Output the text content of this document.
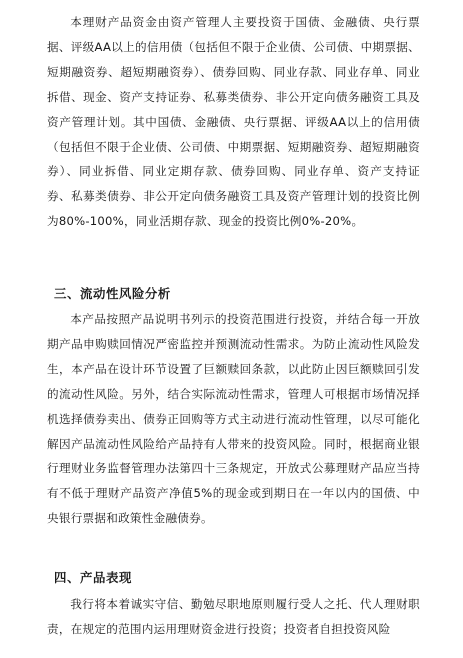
本理财产品资金由资产管理人主要投资于国债、金融债、央行票据、评级AA以上的信用债（包括但不限于企业债、公司债、中期票据、短期融资券、超短期融资券）、债券回购、同业存款、同业存单、同业拆借、现金、资产支持证券、私募类债券、非公开定向债务融资工具及资产管理计划。其中国债、金融债、央行票据、评级AA以上的信用债（包括但不限于企业债、公司债、中期票据、短期融资券、超短期融资券）、同业拆借、同业定期存款、债券回购、同业存单、资产支持证券、私募类债券、非公开定向债务融资工具及资产管理计划的投资比例为80%-100%，同业活期存款、现金的投资比例0%-20%。

三、流动性风险分析

本产品按照产品说明书列示的投资范围进行投资，并结合每一开放期产品申购赎回情况严密监控并预测流动性需求。为防止流动性风险发生，本产品在设计环节设置了巨额赎回条款，以此防止因巨额赎回引发的流动性风险。另外，结合实际流动性需求，管理人可根据市场情况择机选择债券卖出、债券正回购等方式主动进行流动性管理，以尽可能化解因产品流动性风险给产品持有人带来的投资风险。同时，根据商业银行理财业务监督管理办法第四十三条规定，开放式公募理财产品应当持有不低于理财产品资产净值5%的现金或到期日在一年以内的国债、中央银行票据和政策性金融债券。

四、产品表现

我行将本着诚实守信、勤勉尽职地原则履行受人之托、代人理财职责，在规定的范围内运用理财资金进行投资；投资者自担投资风险
